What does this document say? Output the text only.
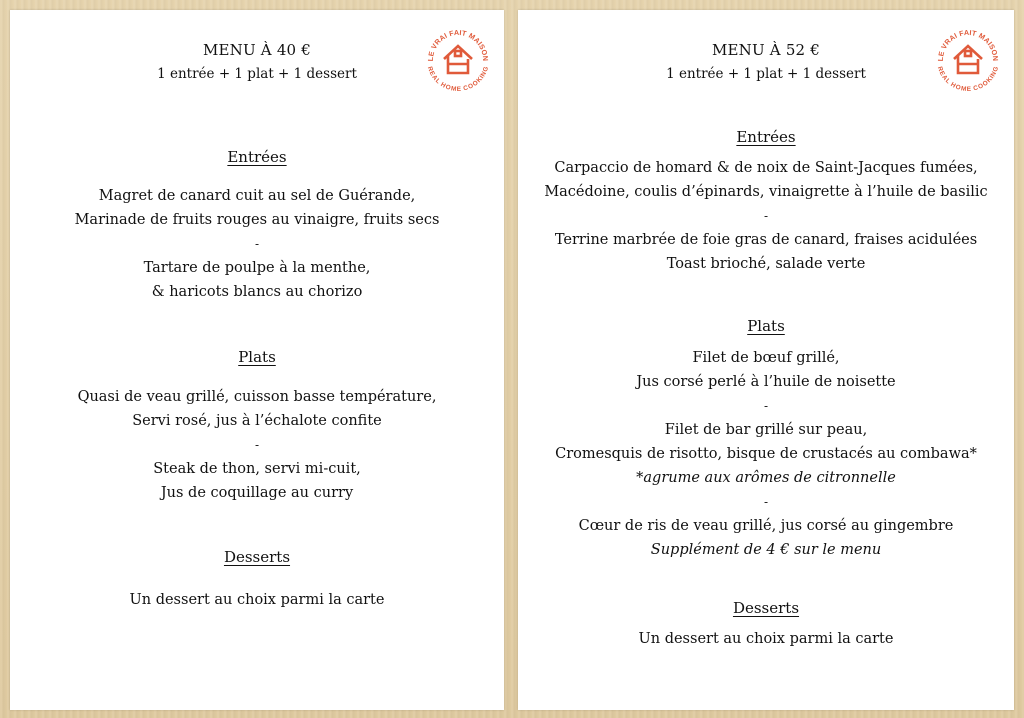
LE VRAI FAIT MAISON
REAL HOME COOKING
MENU À 40 €
1 entrée + 1 plat + 1 dessert
Entrées
Magret de canard cuit au sel de Guérande,
Marinade de fruits rouges au vinaigre, fruits secs
-
Tartare de poulpe à la menthe,
& haricots blancs au chorizo
Plats
Quasi de veau grillé, cuisson basse température,
Servi rosé, jus à l’échalote confite
-
Steak de thon, servi mi-cuit,
Jus de coquillage au curry
Desserts
Un dessert au choix parmi la carte
LE VRAI FAIT MAISON
REAL HOME COOKING
MENU À 52 €
1 entrée + 1 plat + 1 dessert
Entrées
Carpaccio de homard & de noix de Saint-Jacques fumées,
Macédoine, coulis d’épinards, vinaigrette à l’huile de basilic
-
Terrine marbrée de foie gras de canard, fraises acidulées
Toast brioché, salade verte
Plats
Filet de bœuf grillé,
Jus corsé perlé à l’huile de noisette
-
Filet de bar grillé sur peau,
Cromesquis de risotto, bisque de crustacés au combawa*
*agrume aux arômes de citronnelle
-
Cœur de ris de veau grillé, jus corsé au gingembre
Supplément de 4 € sur le menu
Desserts
Un dessert au choix parmi la carte
